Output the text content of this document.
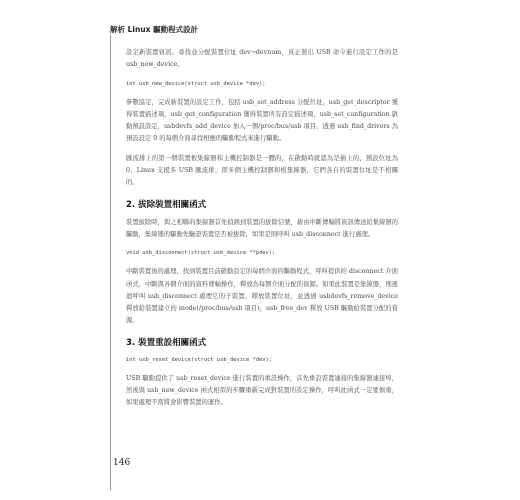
解析 Linux 驅動程式設計

設定新裝置資訊。尋找並分配裝置位址 dev→devnum，真正發出 USB 命令進行設定工作的是 usb_new_device。

int usb_new_device(struct usb_device *dev);

參數協定，完成新裝置的設定工作，包括 usb_set_address 分配位址，usb_get_descriptor 獲得裝置描述項，usb_get_configuration 獲得裝置所有設定描述項，usb_set_configuration 啟動預設設定，usbdevfs_add_device 加入一個/proc/bus/usb 項目，透過 usb_find_drivers 為預設設定 0 的每個介面尋找相應的驅動程式來進行驅動。

匯流排上的第一個裝置根集線器和主機控制器是一體的，在啟動時就認為是插上的，預設位址為 0。Linux 支援多 USB 匯流排，即多個主機控制器和根集線器，它們各自的裝置位址是不相關的。

2. 拔除裝置相關函式

裝置拔除時，與之相聯的集線器首先偵測到裝置的拔除信號，藉由中斷傳輸將資訊傳送給集線器的驅動，集線器的驅動先驗證裝置是否被拔除，如果是則呼叫 usb_disconnect 進行處理。

void usb_disconnect(struct usb_device **pdev);

中斷裝置後的處理，找到裝置目前啟動設定的每個介面的驅動程式，呼叫提供的 disconnect 介面函式，中斷與各個介面的資料傳輸操作，釋放為每個介面分配的資源。如果此裝置是集線器，則遞迴呼叫 usb_disconnect 處理它的子裝置，釋放裝置位址，並透過 usbdevfs_remove_device 釋放給裝置建立的 inode(/proc/bus/usb 項目)，usb_free_dev 釋放 USB 驅動給裝置分配的資源。

3. 裝置重設相關函式
int usb_reset_device(struct usb_device *dev);

USB 驅動提供了 usb_reset_device 進行裝置的重設操作，首先重設裝置連接的集線器連接埠，然後與 usb_new_device 函式相似的步驟重新完成對裝置的設定操作，呼叫此函式一定要慎重，如果處理不當將會影響裝置的運作。

146
